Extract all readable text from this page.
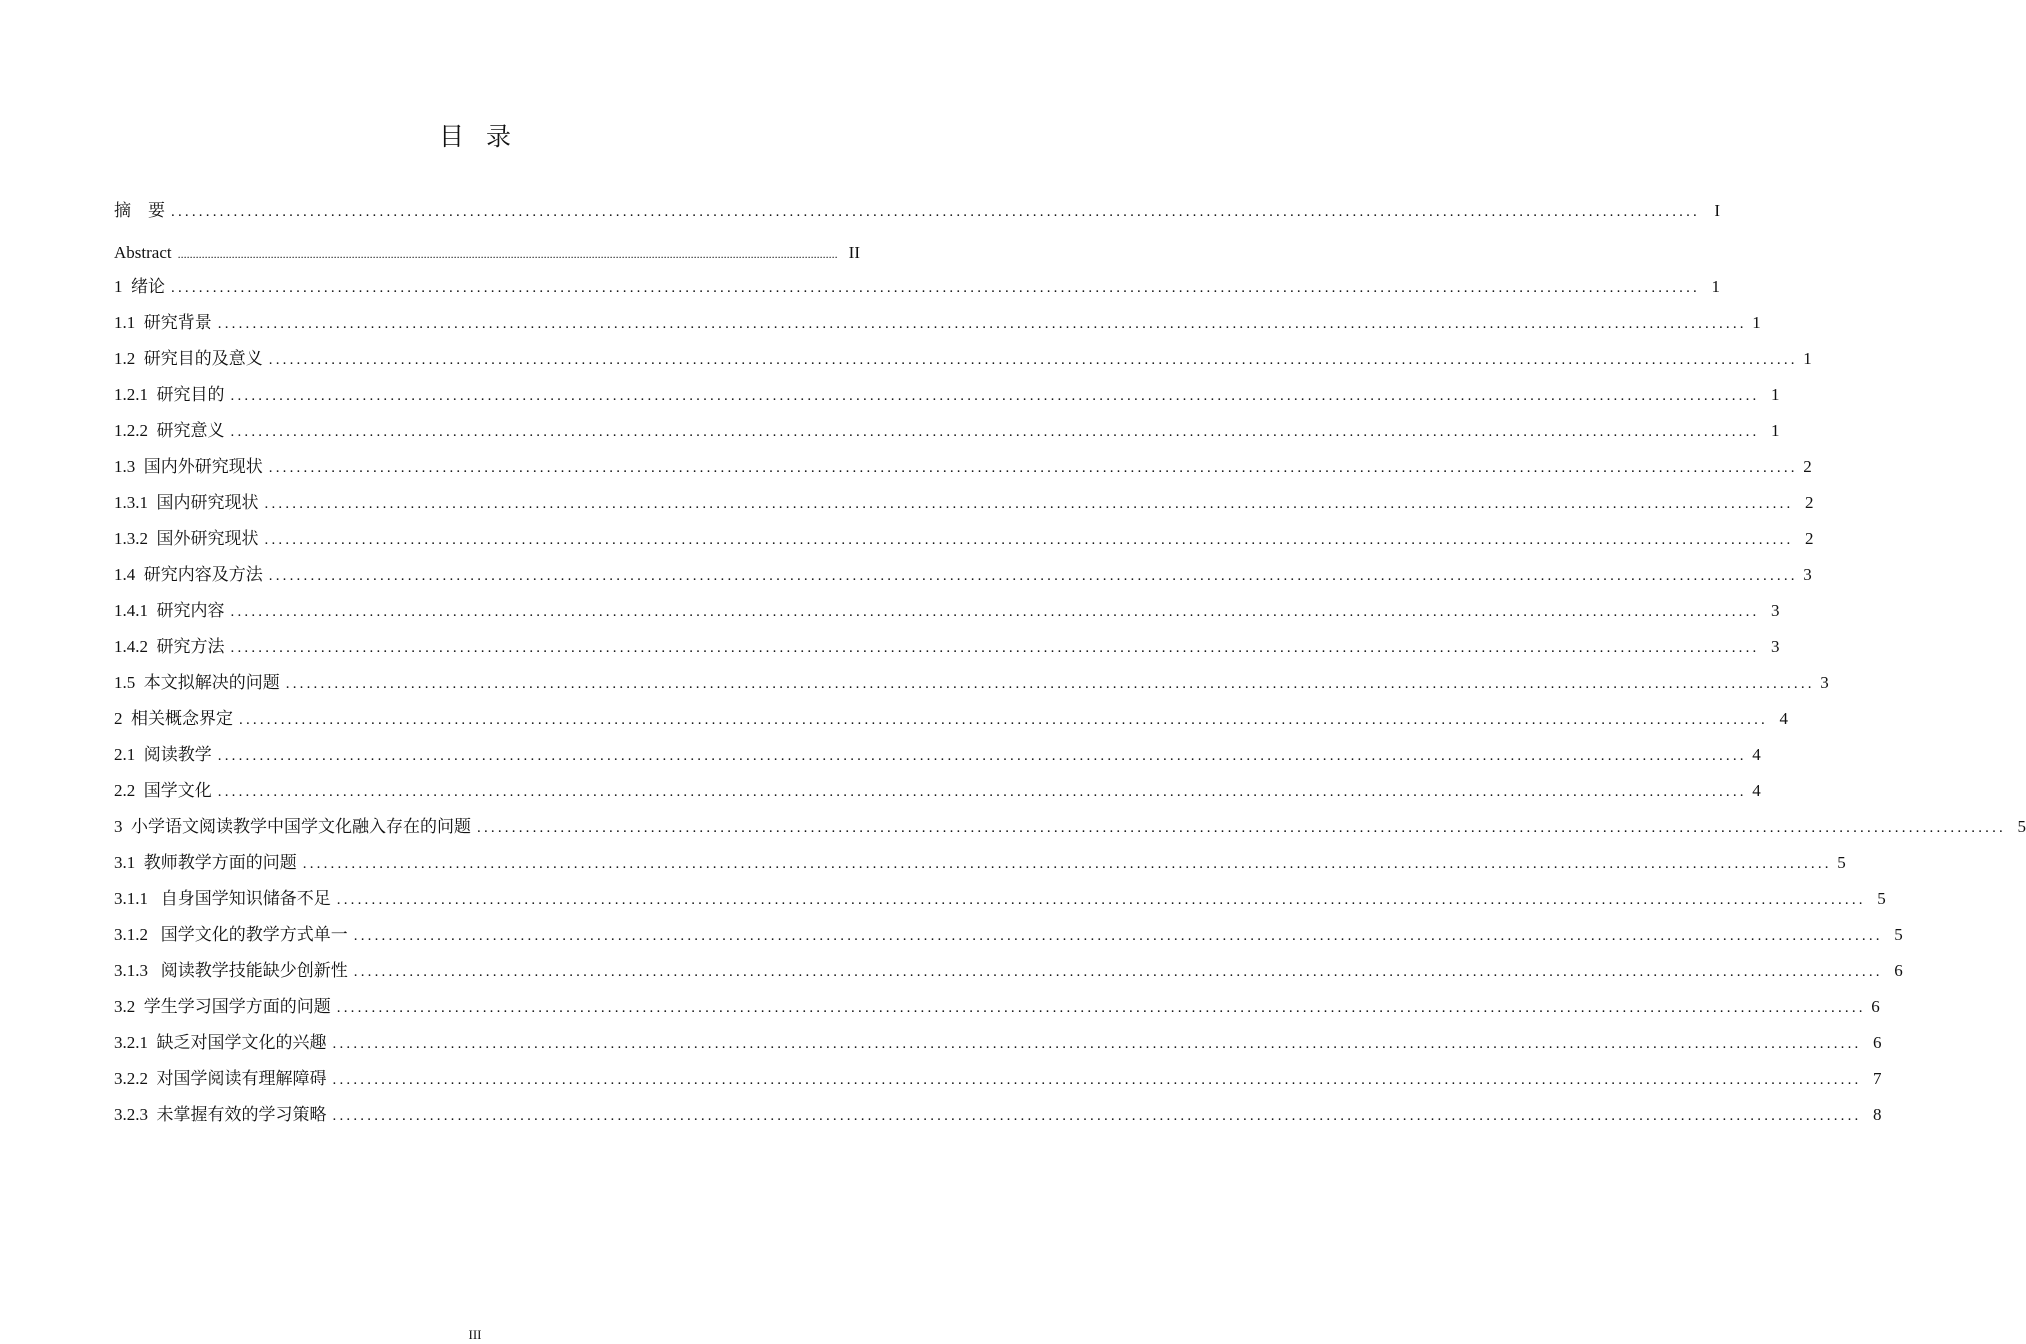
目录
摘　要 ............................................................................................................................................................................................................................ I
Abstract ............................................................................................................................................................................................................................ II
1  绪论 ............................................................................................................................................................................................................................ 1
1.1  研究背景 ............................................................................................................................................................................................................................ 1
1.2  研究目的及意义 ............................................................................................................................................................................................................................ 1
1.2.1  研究目的 ............................................................................................................................................................................................................................ 1
1.2.2  研究意义 ............................................................................................................................................................................................................................ 1
1.3  国内外研究现状 ............................................................................................................................................................................................................................ 2
1.3.1  国内研究现状 ............................................................................................................................................................................................................................ 2
1.3.2  国外研究现状 ............................................................................................................................................................................................................................ 2
1.4  研究内容及方法 ............................................................................................................................................................................................................................ 3
1.4.1  研究内容 ............................................................................................................................................................................................................................ 3
1.4.2  研究方法 ............................................................................................................................................................................................................................ 3
1.5  本文拟解决的问题 ............................................................................................................................................................................................................................ 3
2  相关概念界定 ............................................................................................................................................................................................................................ 4
2.1  阅读教学 ............................................................................................................................................................................................................................ 4
2.2  国学文化 ............................................................................................................................................................................................................................ 4
3  小学语文阅读教学中国学文化融入存在的问题 ............................................................................................................................................................................................................................ 5
3.1  教师教学方面的问题 ............................................................................................................................................................................................................................ 5
3.1.1   自身国学知识储备不足 ............................................................................................................................................................................................................................ 5
3.1.2   国学文化的教学方式单一 ............................................................................................................................................................................................................................ 5
3.1.3   阅读教学技能缺少创新性 ............................................................................................................................................................................................................................ 6
3.2  学生学习国学方面的问题 ............................................................................................................................................................................................................................ 6
3.2.1  缺乏对国学文化的兴趣 ............................................................................................................................................................................................................................ 6
3.2.2  对国学阅读有理解障碍 ............................................................................................................................................................................................................................ 7
3.2.3  未掌握有效的学习策略 ............................................................................................................................................................................................................................ 8
III
